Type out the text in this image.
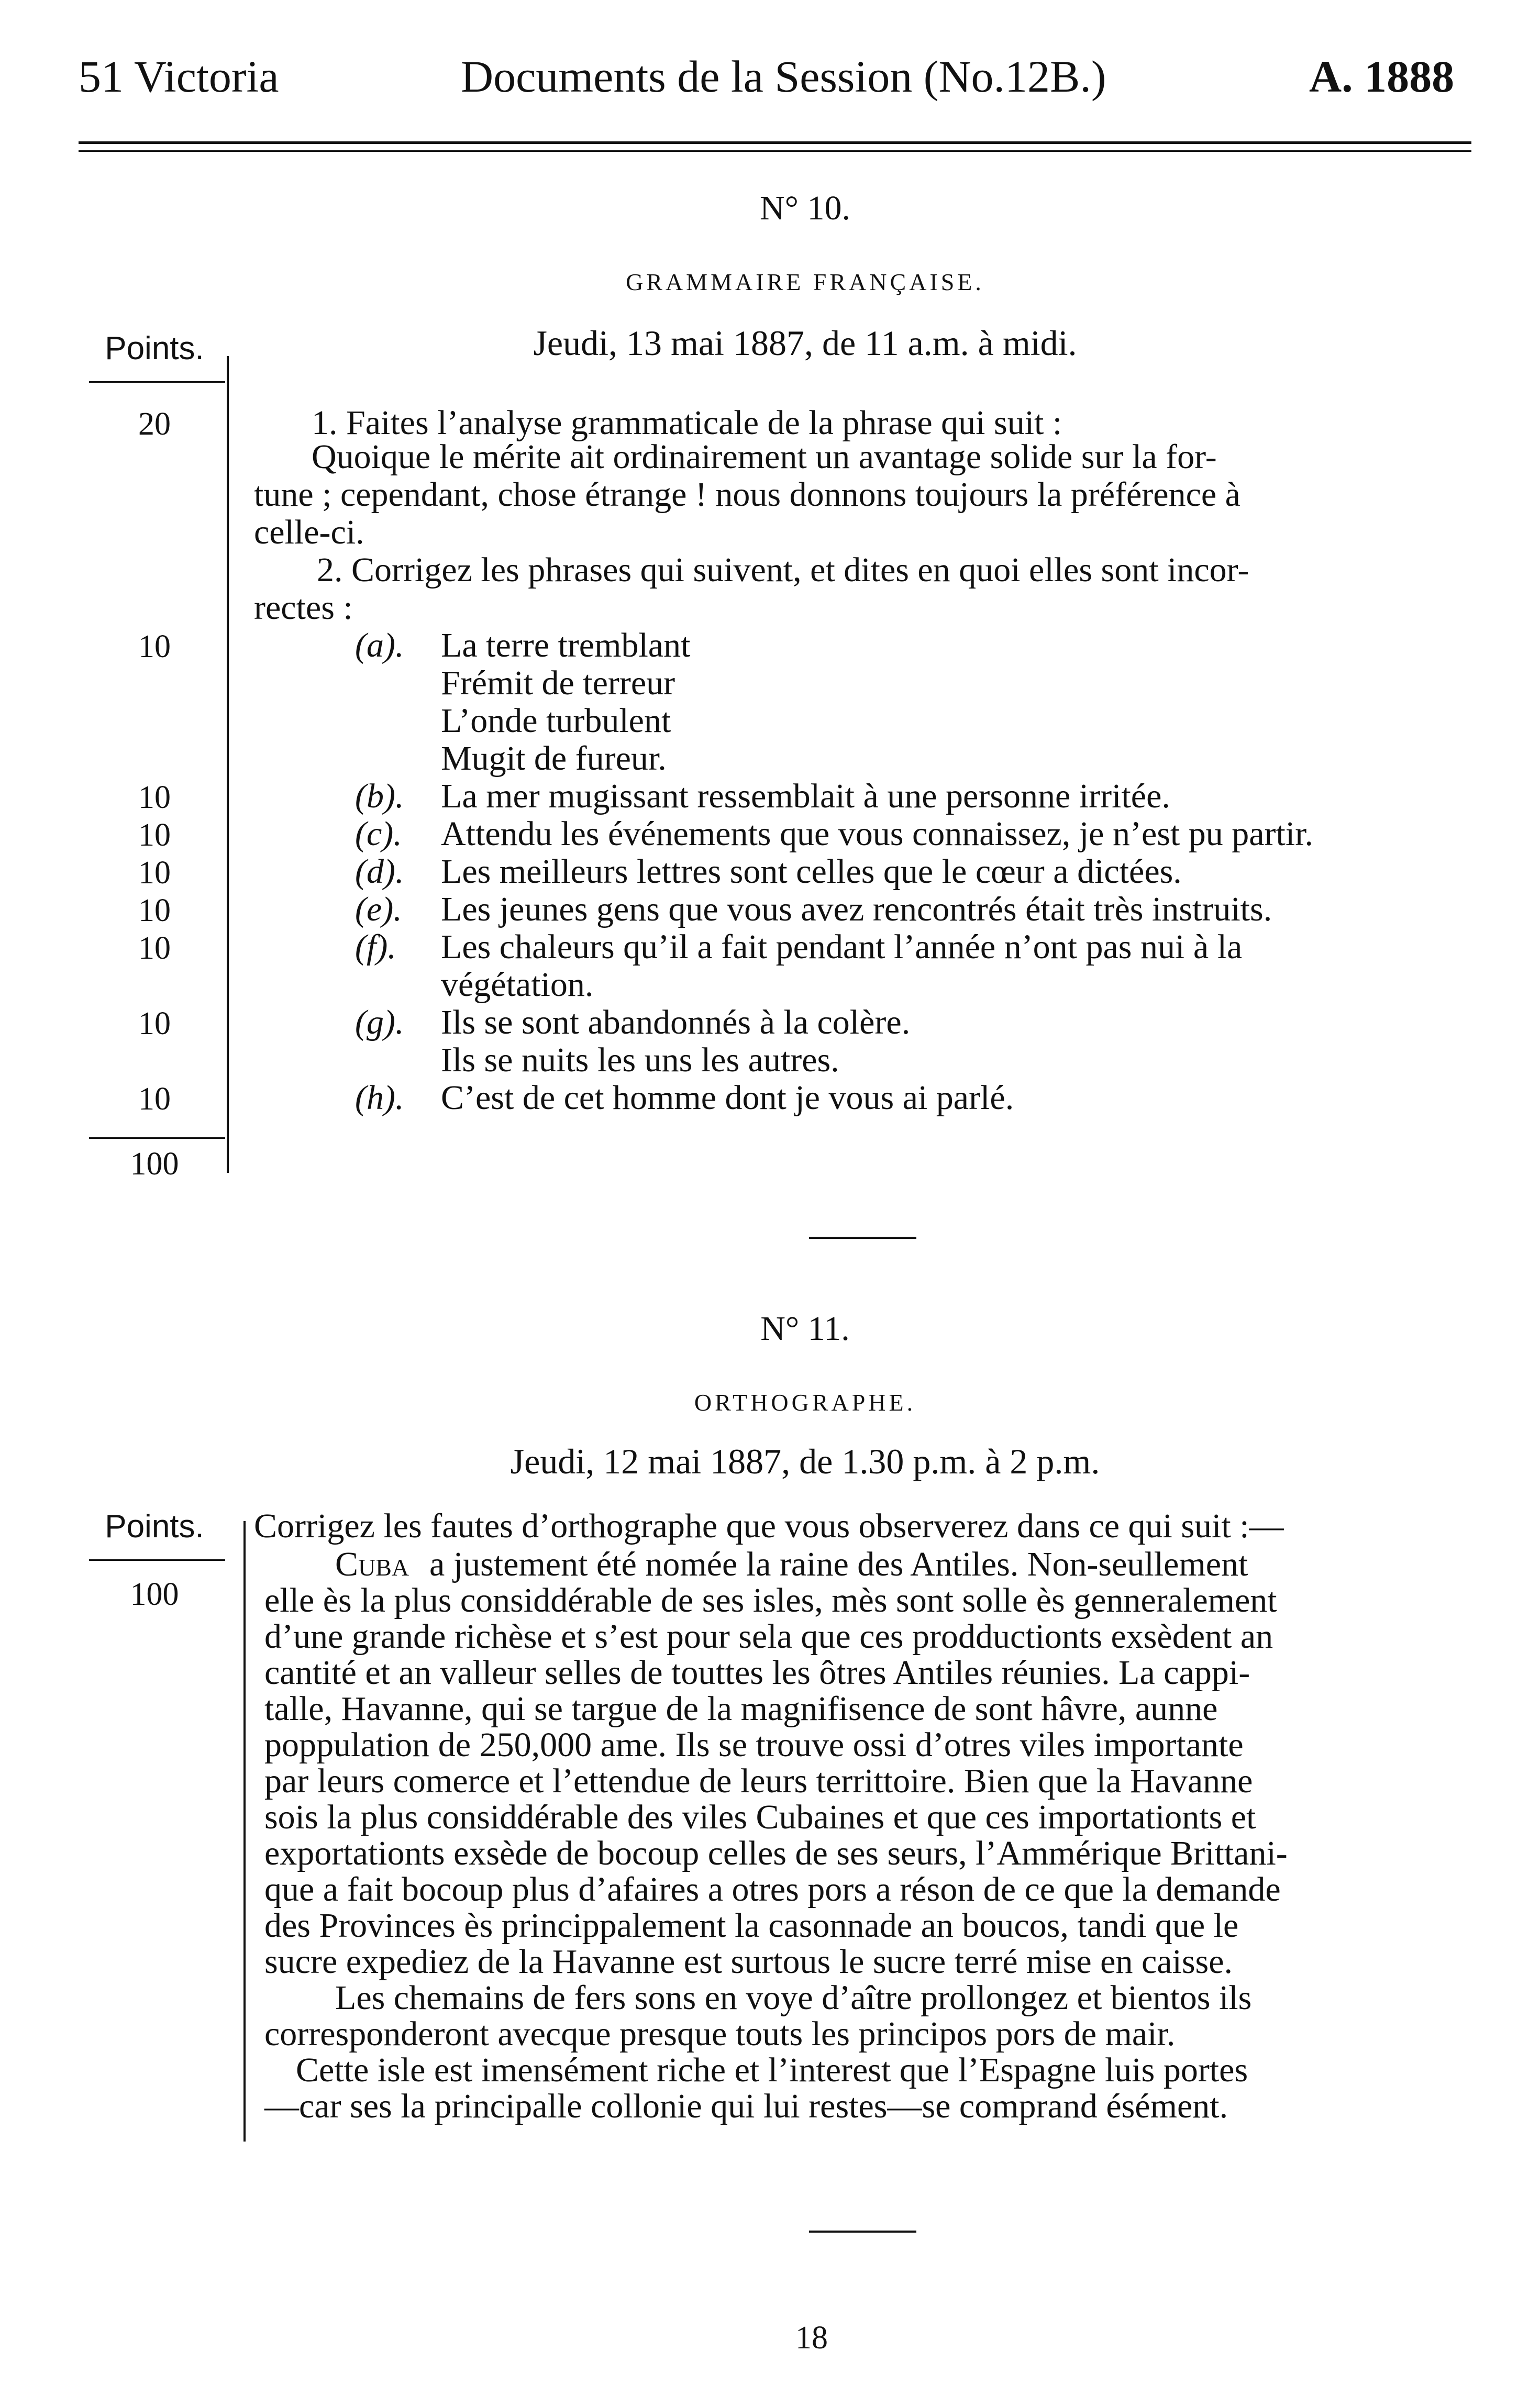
51 Victoria	Documents de la Session (No.12B.)	A. 1888
N° 10.
GRAMMAIRE FRANÇAISE.
Jeudi, 13 mai 1887, de 11 a.m. à midi.
Points.
20
10
10
10
10
10
10
10
10
100
1. Faites l’analyse grammaticale de la phrase qui suit :
Quoique le mérite ait ordinairement un avantage solide sur la for-
tune ; cependant, chose étrange ! nous donnons toujours la préférence à
celle-ci.
2. Corrigez les phrases qui suivent, et dites en quoi elles sont incor-
rectes :
(a). La terre tremblant
Frémit de terreur
L’onde turbulent
Mugit de fureur.
(b). La mer mugissant ressemblait à une personne irritée.
(c). Attendu les événements que vous connaissez, je n’est pu partir.
(d). Les meilleurs lettres sont celles que le cœur a dictées.
(e). Les jeunes gens que vous avez rencontrés était très instruits.
(f). Les chaleurs qu’il a fait pendant l’année n’ont pas nui à la
végétation.
(g). Ils se sont abandonnés à la colère.
Ils se nuits les uns les autres.
(h). C’est de cet homme dont je vous ai parlé.
N° 11.
ORTHOGRAPHE.
Jeudi, 12 mai 1887, de 1.30 p.m. à 2 p.m.
Points.
100
Corrigez les fautes d’orthographe que vous observerez dans ce qui suit :—
Cuba a justement été nomée la raine des Antiles. Non-seullement
elle ès la plus considdérable de ses isles, mès sont solle ès genneralement
d’une grande richèse et s’est pour sela que ces prodductionts exsèdent an
cantité et an valleur selles de touttes les ôtres Antiles réunies. La cappi-
talle, Havanne, qui se targue de la magnifisence de sont hâvre, aunne
poppulation de 250,000 ame. Ils se trouve ossi d’otres viles importante
par leurs comerce et l’ettendue de leurs territtoire. Bien que la Havanne
sois la plus considdérable des viles Cubaines et que ces importationts et
exportationts exsède de bocoup celles de ses seurs, l’Ammérique Brittani-
que a fait bocoup plus d’afaires a otres pors a réson de ce que la demande
des Provinces ès princippalement la casonnade an boucos, tandi que le
sucre expediez de la Havanne est surtous le sucre terré mise en caisse.
Les chemains de fers sons en voye d’aître prollongez et bientos ils
corresponderont avecque presque touts les principos pors de mair.
Cette isle est imensément riche et l’interest que l’Espagne luis portes
—car ses la principalle collonie qui lui restes—se comprand ésément.
18
